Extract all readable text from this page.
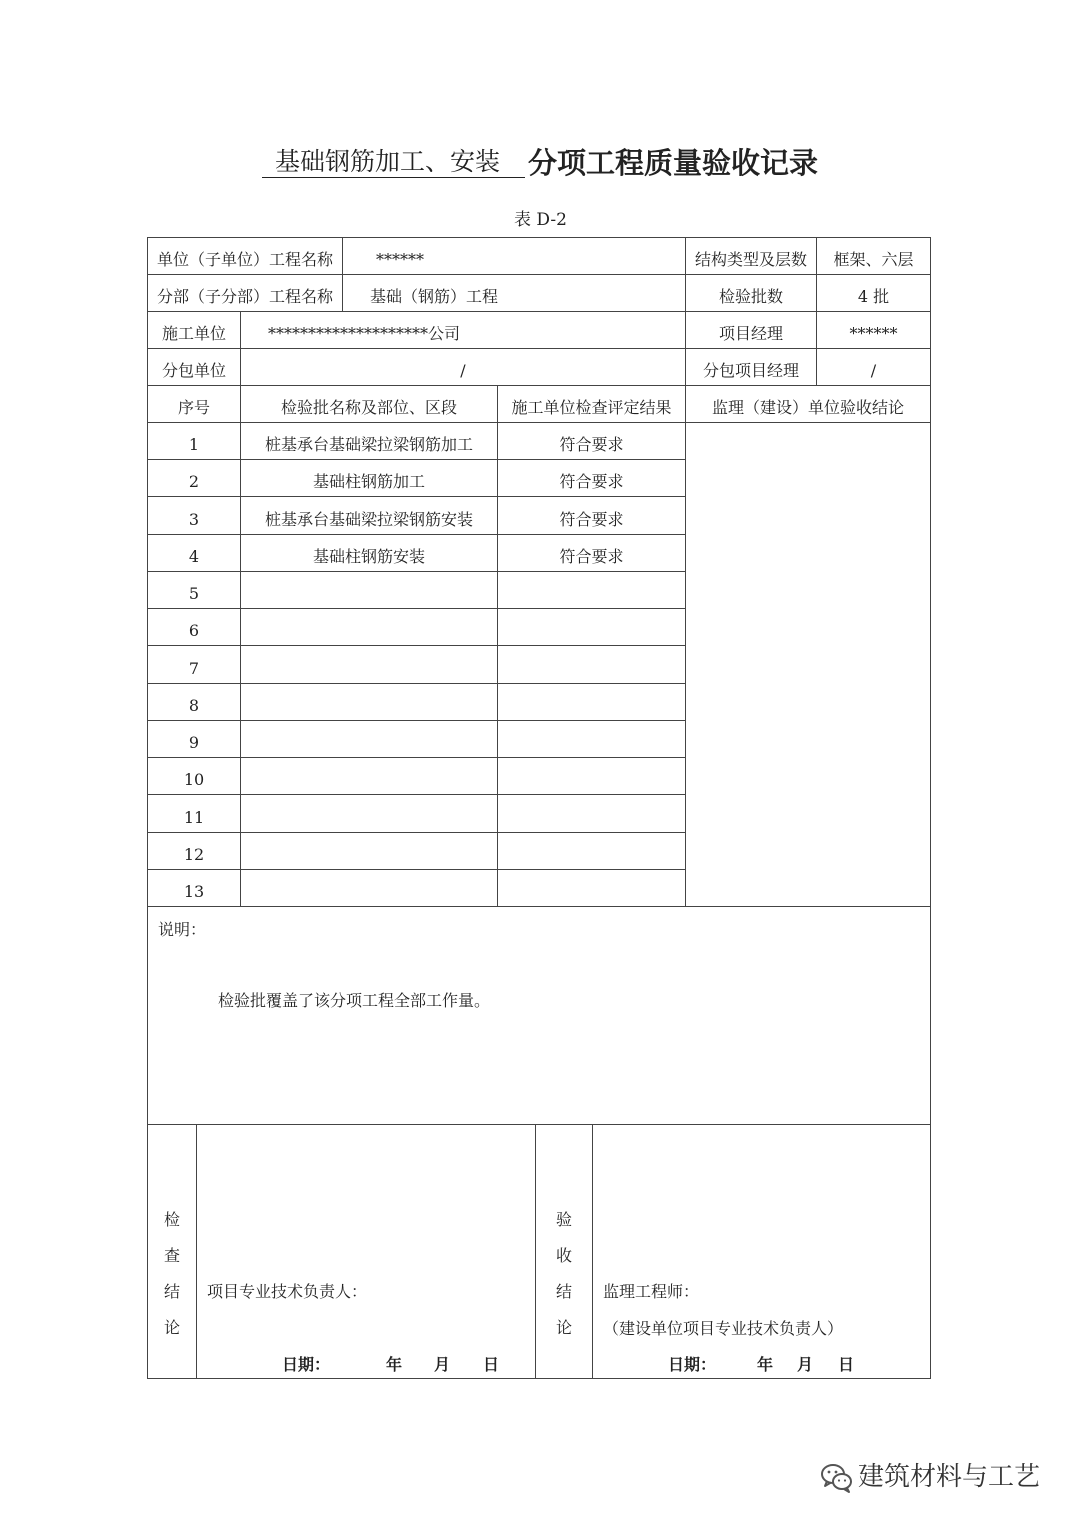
基础钢筋加工、安装 分项工程质量验收记录
表 D-2
单位（子单位）工程名称	******	结构类型及层数	框架、六层
分部（子分部）工程名称	基础（钢筋）工程	检验批数	4 批
施工单位	********************公司	项目经理	******
分包单位	/	分包项目经理	/
序号	检验批名称及部位、区段	施工单位检查评定结果	监理（建设）单位验收结论
1	桩基承台基础梁拉梁钢筋加工	符合要求
2	基础柱钢筋加工	符合要求
3	桩基承台基础梁拉梁钢筋安装	符合要求
4	基础柱钢筋安装	符合要求
5
6
7
8
9
10
11
12
13
说明：
检验批覆盖了该分项工程全部工作量。
检
查
结
论
项目专业技术负责人：
日期：	年 月 日
验
收
结
论
监理工程师：
（建设单位项目专业技术负责人）
日期：	年 月 日
建筑材料与工艺
